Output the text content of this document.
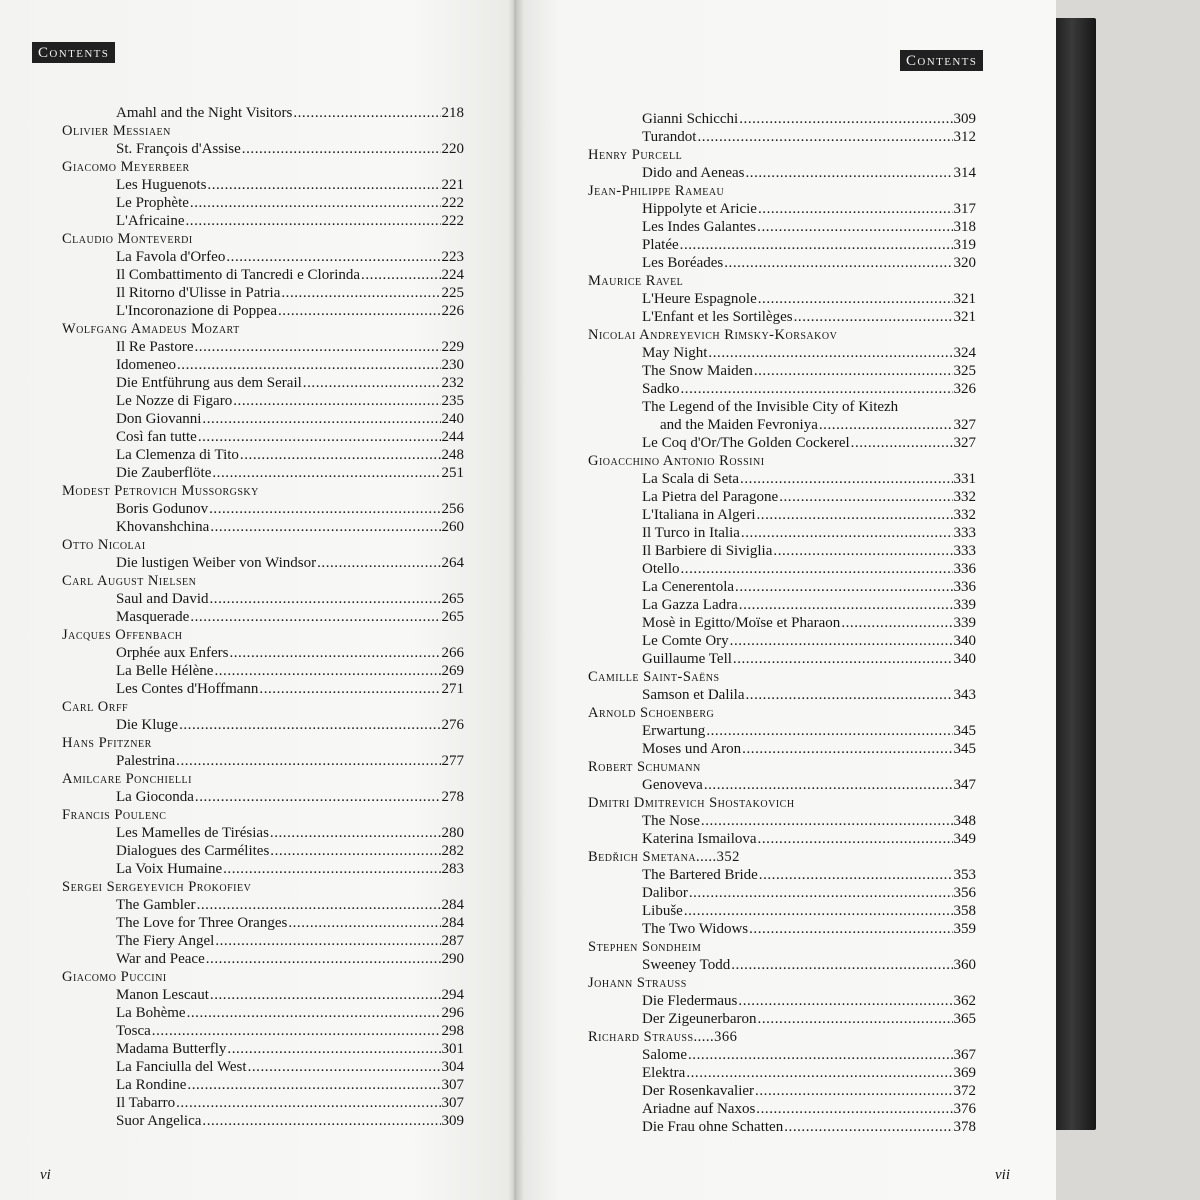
Contents
Amahl and the Night Visitors . . .	218
Olivier Messiaen
St. François d'Assise . . .	220
Giacomo Meyerbeer
Les Huguenots . . .	221
Le Prophète . . .	222
L'Africaine . . .	222
Claudio Monteverdi
La Favola d'Orfeo . . .	223
Il Combattimento di Tancredi e Clorinda . . .	224
Il Ritorno d'Ulisse in Patria . . .	225
L'Incoronazione di Poppea . . .	226
Wolfgang Amadeus Mozart
Il Re Pastore . . .	229
Idomeneo . . .	230
Die Entführung aus dem Serail . . .	232
Le Nozze di Figaro . . .	235
Don Giovanni . . .	240
Così fan tutte . . .	244
La Clemenza di Tito . . .	248
Die Zauberflöte . . .	251
Modest Petrovich Mussorgsky
Boris Godunov . . .	256
Khovanshchina . . .	260
Otto Nicolai
Die lustigen Weiber von Windsor . . .	264
Carl August Nielsen
Saul and David . . .	265
Masquerade . . .	265
Jacques Offenbach
Orphée aux Enfers . . .	266
La Belle Hélène . . .	269
Les Contes d'Hoffmann . . .	271
Carl Orff
Die Kluge . . .	276
Hans Pfitzner
Palestrina . . .	277
Amilcare Ponchielli
La Gioconda . . .	278
Francis Poulenc
Les Mamelles de Tirésias . . .	280
Dialogues des Carmélites . . .	282
La Voix Humaine . . .	283
Sergei Sergeyevich Prokofiev
The Gambler . . .	284
The Love for Three Oranges . . .	284
The Fiery Angel . . .	287
War and Peace . . .	290
Giacomo Puccini
Manon Lescaut . . .	294
La Bohème . . .	296
Tosca . . .	298
Madama Butterfly . . .	301
La Fanciulla del West . . .	304
La Rondine . . .	307
Il Tabarro . . .	307
Suor Angelica . . .	309
vi
Contents
Gianni Schicchi . . .	309
Turandot . . .	312
Henry Purcell
Dido and Aeneas . . .	314
Jean-Philippe Rameau
Hippolyte et Aricie . . .	317
Les Indes Galantes . . .	318
Platée . . .	319
Les Boréades . . .	320
Maurice Ravel
L'Heure Espagnole . . .	321
L'Enfant et les Sortilèges . . .	321
Nicolai Andreyevich Rimsky-Korsakov
May Night . . .	324
The Snow Maiden . . .	325
Sadko . . .	326
The Legend of the Invisible City of Kitezh
and the Maiden Fevroniya . . .	327
Le Coq d'Or/The Golden Cockerel . . .	327
Gioacchino Antonio Rossini
La Scala di Seta . . .	331
La Pietra del Paragone . . .	332
L'Italiana in Algeri . . .	332
Il Turco in Italia . . .	333
Il Barbiere di Siviglia . . .	333
Otello . . .	336
La Cenerentola . . .	336
La Gazza Ladra . . .	339
Mosè in Egitto/Moïse et Pharaon . . .	339
Le Comte Ory . . .	340
Guillaume Tell . . .	340
Camille Saint-Saëns
Samson et Dalila . . .	343
Arnold Schoenberg
Erwartung . . .	345
Moses und Aron . . .	345
Robert Schumann
Genoveva . . .	347
Dmitri Dmitrevich Shostakovich
The Nose . . .	348
Katerina Ismailova . . .	349
Bedřich Smetana.....352
The Bartered Bride . . .	353
Dalibor . . .	356
Libuše . . .	358
The Two Widows . . .	359
Stephen Sondheim
Sweeney Todd . . .	360
Johann Strauss
Die Fledermaus . . .	362
Der Zigeunerbaron . . .	365
Richard Strauss.....366
Salome . . .	367
Elektra . . .	369
Der Rosenkavalier . . .	372
Ariadne auf Naxos . . .	376
Die Frau ohne Schatten . . .	378
vii
